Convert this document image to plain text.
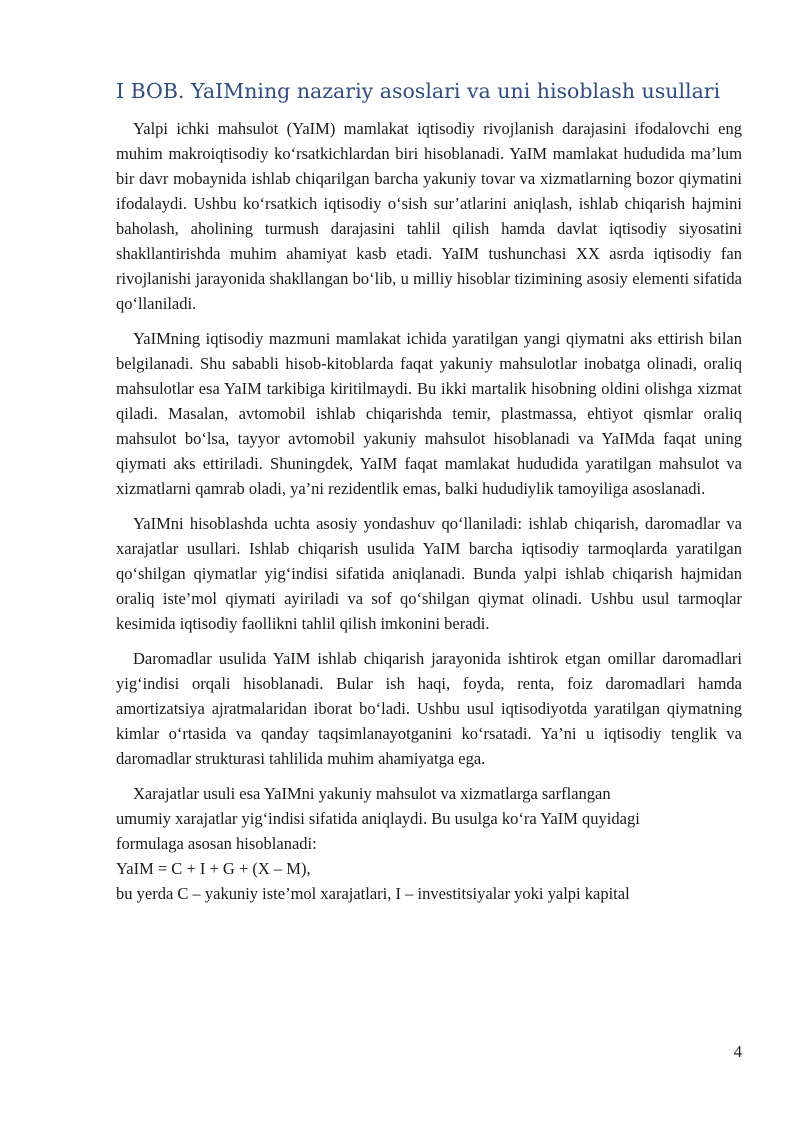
I BOB. YaIMning nazariy asoslari va uni hisoblash usullari

Yalpi ichki mahsulot (YaIM) mamlakat iqtisodiy rivojlanish darajasini ifodalovchi eng muhim makroiqtisodiy ko‘rsatkichlardan biri hisoblanadi. YaIM mamlakat hududida ma’lum bir davr mobaynida ishlab chiqarilgan barcha yakuniy tovar va xizmatlarning bozor qiymatini ifodalaydi. Ushbu ko‘rsatkich iqtisodiy o‘sish sur’atlarini aniqlash, ishlab chiqarish hajmini baholash, aholining turmush darajasini tahlil qilish hamda davlat iqtisodiy siyosatini shakllantirishda muhim ahamiyat kasb etadi. YaIM tushunchasi XX asrda iqtisodiy fan rivojlanishi jarayonida shakllangan bo‘lib, u milliy hisoblar tizimining asosiy elementi sifatida qo‘llaniladi.

YaIMning iqtisodiy mazmuni mamlakat ichida yaratilgan yangi qiymatni aks ettirish bilan belgilanadi. Shu sababli hisob-kitoblarda faqat yakuniy mahsulotlar inobatga olinadi, oraliq mahsulotlar esa YaIM tarkibiga kiritilmaydi. Bu ikki martalik hisobning oldini olishga xizmat qiladi. Masalan, avtomobil ishlab chiqarishda temir, plastmassa, ehtiyot qismlar oraliq mahsulot bo‘lsa, tayyor avtomobil yakuniy mahsulot hisoblanadi va YaIMda faqat uning qiymati aks ettiriladi. Shuningdek, YaIM faqat mamlakat hududida yaratilgan mahsulot va xizmatlarni qamrab oladi, ya’ni rezidentlik emas, balki hududiylik tamoyiliga asoslanadi.

YaIMni hisoblashda uchta asosiy yondashuv qo‘llaniladi: ishlab chiqarish, daromadlar va xarajatlar usullari. Ishlab chiqarish usulida YaIM barcha iqtisodiy tarmoqlarda yaratilgan qo‘shilgan qiymatlar yig‘indisi sifatida aniqlanadi. Bunda yalpi ishlab chiqarish hajmidan oraliq iste’mol qiymati ayiriladi va sof qo‘shilgan qiymat olinadi. Ushbu usul tarmoqlar kesimida iqtisodiy faollikni tahlil qilish imkonini beradi.

Daromadlar usulida YaIM ishlab chiqarish jarayonida ishtirok etgan omillar daromadlari yig‘indisi orqali hisoblanadi. Bular ish haqi, foyda, renta, foiz daromadlari hamda amortizatsiya ajratmalaridan iborat bo‘ladi. Ushbu usul iqtisodiyotda yaratilgan qiymatning kimlar o‘rtasida va qanday taqsimlanayotganini ko‘rsatadi. Ya’ni u iqtisodiy tenglik va daromadlar strukturasi tahlilida muhim ahamiyatga ega.

Xarajatlar usuli esa YaIMni yakuniy mahsulot va xizmatlarga sarflangan
umumiy xarajatlar yig‘indisi sifatida aniqlaydi. Bu usulga ko‘ra YaIM quyidagi
formulaga asosan hisoblanadi:
YaIM = C + I + G + (X – M),
bu yerda C – yakuniy iste’mol xarajatlari, I – investitsiyalar yoki yalpi kapital
4
